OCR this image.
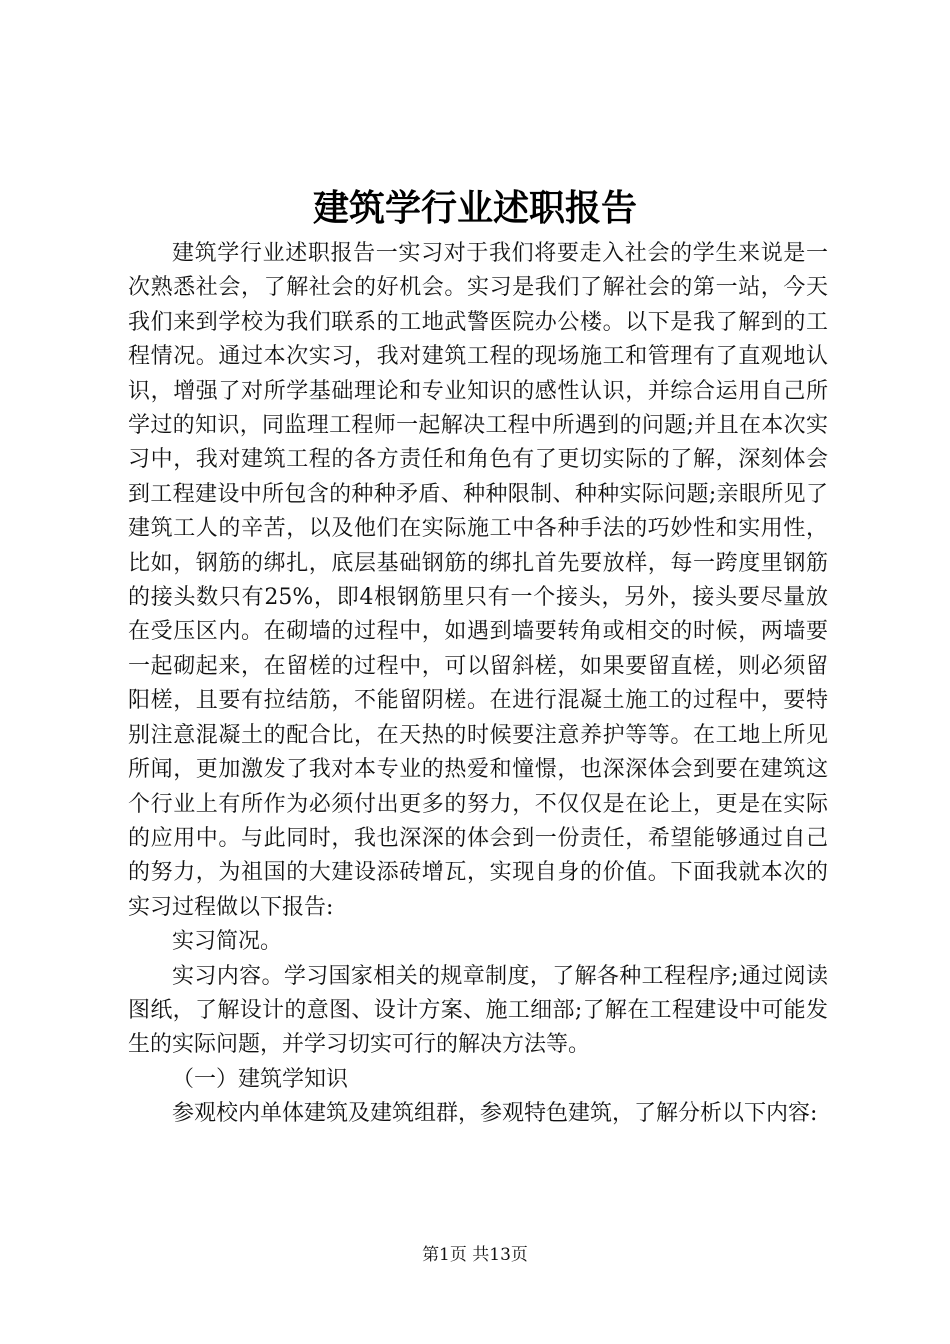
建筑学行业述职报告

建筑学行业述职报告一实习对于我们将要走入社会的学生来说是一次熟悉社会，了解社会的好机会。实习是我们了解社会的第一站，今天我们来到学校为我们联系的工地武警医院办公楼。以下是我了解到的工程情况。通过本次实习，我对建筑工程的现场施工和管理有了直观地认识，增强了对所学基础理论和专业知识的感性认识，并综合运用自己所学过的知识，同监理工程师一起解决工程中所遇到的问题;并且在本次实习中，我对建筑工程的各方责任和角色有了更切实际的了解，深刻体会到工程建设中所包含的种种矛盾、种种限制、种种实际问题;亲眼所见了建筑工人的辛苦，以及他们在实际施工中各种手法的巧妙性和实用性，比如，钢筋的绑扎，底层基础钢筋的绑扎首先要放样，每一跨度里钢筋的接头数只有25%，即4根钢筋里只有一个接头，另外，接头要尽量放在受压区内。在砌墙的过程中，如遇到墙要转角或相交的时候，两墙要一起砌起来，在留槎的过程中，可以留斜槎，如果要留直槎，则必须留阳槎，且要有拉结筋，不能留阴槎。在进行混凝土施工的过程中，要特别注意混凝土的配合比，在天热的时候要注意养护等等。在工地上所见所闻，更加激发了我对本专业的热爱和憧憬，也深深体会到要在建筑这个行业上有所作为必须付出更多的努力，不仅仅是在论上，更是在实际的应用中。与此同时，我也深深的体会到一份责任，希望能够通过自己的努力，为祖国的大建设添砖增瓦，实现自身的价值。下面我就本次的实习过程做以下报告:

实习简况。

实习内容。学习国家相关的规章制度，了解各种工程程序;通过阅读图纸，了解设计的意图、设计方案、施工细部;了解在工程建设中可能发生的实际问题，并学习切实可行的解决方法等。

（一）建筑学知识

参观校内单体建筑及建筑组群，参观特色建筑，了解分析以下内容:

第1页 共13页
